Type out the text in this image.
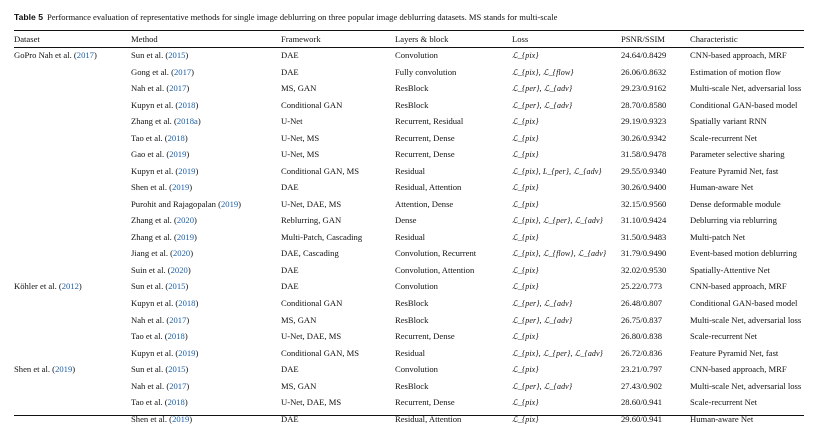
Table 5 Performance evaluation of representative methods for single image deblurring on three popular image deblurring datasets. MS stands for multi-scale
Dataset	Method	Framework	Layers & block	Loss	PSNR/SSIM	Characteristic
GoPro Nah et al. (2017)	Sun et al. (2015)	DAE	Convolution	ℒ_{pix}	24.64/0.8429	CNN-based approach, MRF
	Gong et al. (2017)	DAE	Fully convolution	ℒ_{pix}, ℒ_{flow}	26.06/0.8632	Estimation of motion flow
	Nah et al. (2017)	MS, GAN	ResBlock	ℒ_{per}, ℒ_{adv}	29.23/0.9162	Multi-scale Net, adversarial loss
	Kupyn et al. (2018)	Conditional GAN	ResBlock	ℒ_{per}, ℒ_{adv}	28.70/0.8580	Conditional GAN-based model
	Zhang et al. (2018a)	U-Net	Recurrent, Residual	ℒ_{pix}	29.19/0.9323	Spatially variant RNN
	Tao et al. (2018)	U-Net, MS	Recurrent, Dense	ℒ_{pix}	30.26/0.9342	Scale-recurrent Net
	Gao et al. (2019)	U-Net, MS	Recurrent, Dense	ℒ_{pix}	31.58/0.9478	Parameter selective sharing
	Kupyn et al. (2019)	Conditional GAN, MS	Residual	ℒ_{pix}, L_{per}, ℒ_{adv}	29.55/0.9340	Feature Pyramid Net, fast
	Shen et al. (2019)	DAE	Residual, Attention	ℒ_{pix}	30.26/0.9400	Human-aware Net
	Purohit and Rajagopalan (2019)	U-Net, DAE, MS	Attention, Dense	ℒ_{pix}	32.15/0.9560	Dense deformable module
	Zhang et al. (2020)	Reblurring, GAN	Dense	ℒ_{pix}, ℒ_{per}, ℒ_{adv}	31.10/0.9424	Deblurring via reblurring
	Zhang et al. (2019)	Multi-Patch, Cascading	Residual	ℒ_{pix}	31.50/0.9483	Multi-patch Net
	Jiang et al. (2020)	DAE, Cascading	Convolution, Recurrent	ℒ_{pix}, ℒ_{flow}, ℒ_{adv}	31.79/0.9490	Event-based motion deblurring
	Suin et al. (2020)	DAE	Convolution, Attention	ℒ_{pix}	32.02/0.9530	Spatially-Attentive Net
Köhler et al. (2012)	Sun et al. (2015)	DAE	Convolution	ℒ_{pix}	25.22/0.773	CNN-based approach, MRF
	Kupyn et al. (2018)	Conditional GAN	ResBlock	ℒ_{per}, ℒ_{adv}	26.48/0.807	Conditional GAN-based model
	Nah et al. (2017)	MS, GAN	ResBlock	ℒ_{per}, ℒ_{adv}	26.75/0.837	Multi-scale Net, adversarial loss
	Tao et al. (2018)	U-Net, DAE, MS	Recurrent, Dense	ℒ_{pix}	26.80/0.838	Scale-recurrent Net
	Kupyn et al. (2019)	Conditional GAN, MS	Residual	ℒ_{pix}, ℒ_{per}, ℒ_{adv}	26.72/0.836	Feature Pyramid Net, fast
Shen et al. (2019)	Sun et al. (2015)	DAE	Convolution	ℒ_{pix}	23.21/0.797	CNN-based approach, MRF
	Nah et al. (2017)	MS, GAN	ResBlock	ℒ_{per}, ℒ_{adv}	27.43/0.902	Multi-scale Net, adversarial loss
	Tao et al. (2018)	U-Net, DAE, MS	Recurrent, Dense	ℒ_{pix}	28.60/0.941	Scale-recurrent Net
	Shen et al. (2019)	DAE	Residual, Attention	ℒ_{pix}	29.60/0.941	Human-aware Net
